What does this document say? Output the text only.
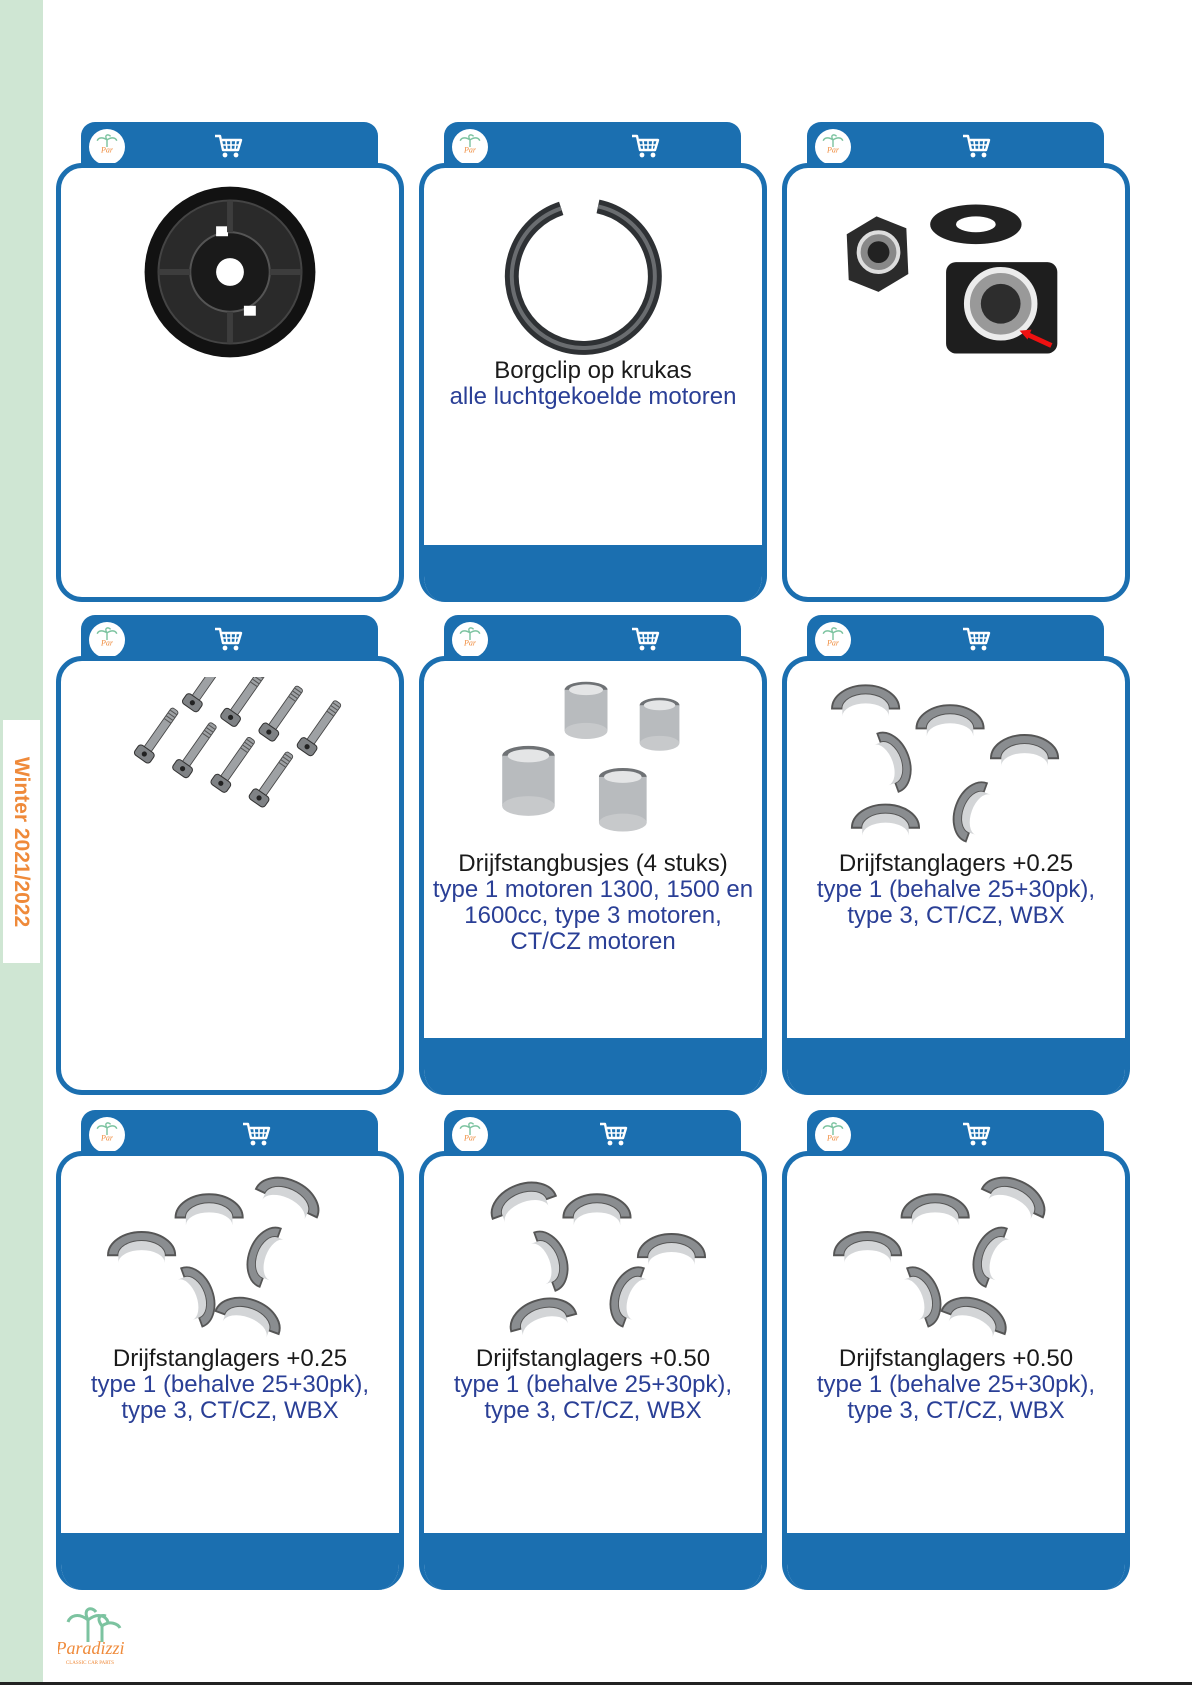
Winter 2021/2022
Borgclip op krukas
alle luchtgekoelde motoren
Drijfstangbusjes (4 stuks)
type 1 motoren 1300, 1500 en 1600cc, type 3 motoren, CT/CZ motoren
Drijfstanglagers +0.25
type 1 (behalve 25+30pk), type 3, CT/CZ, WBX
Drijfstanglagers +0.25
type 1 (behalve 25+30pk), type 3, CT/CZ, WBX
Drijfstanglagers +0.50
type 1 (behalve 25+30pk), type 3, CT/CZ, WBX
Drijfstanglagers +0.50
type 1 (behalve 25+30pk), type 3, CT/CZ, WBX
Paradizzi
CLASSIC CAR PARTS
